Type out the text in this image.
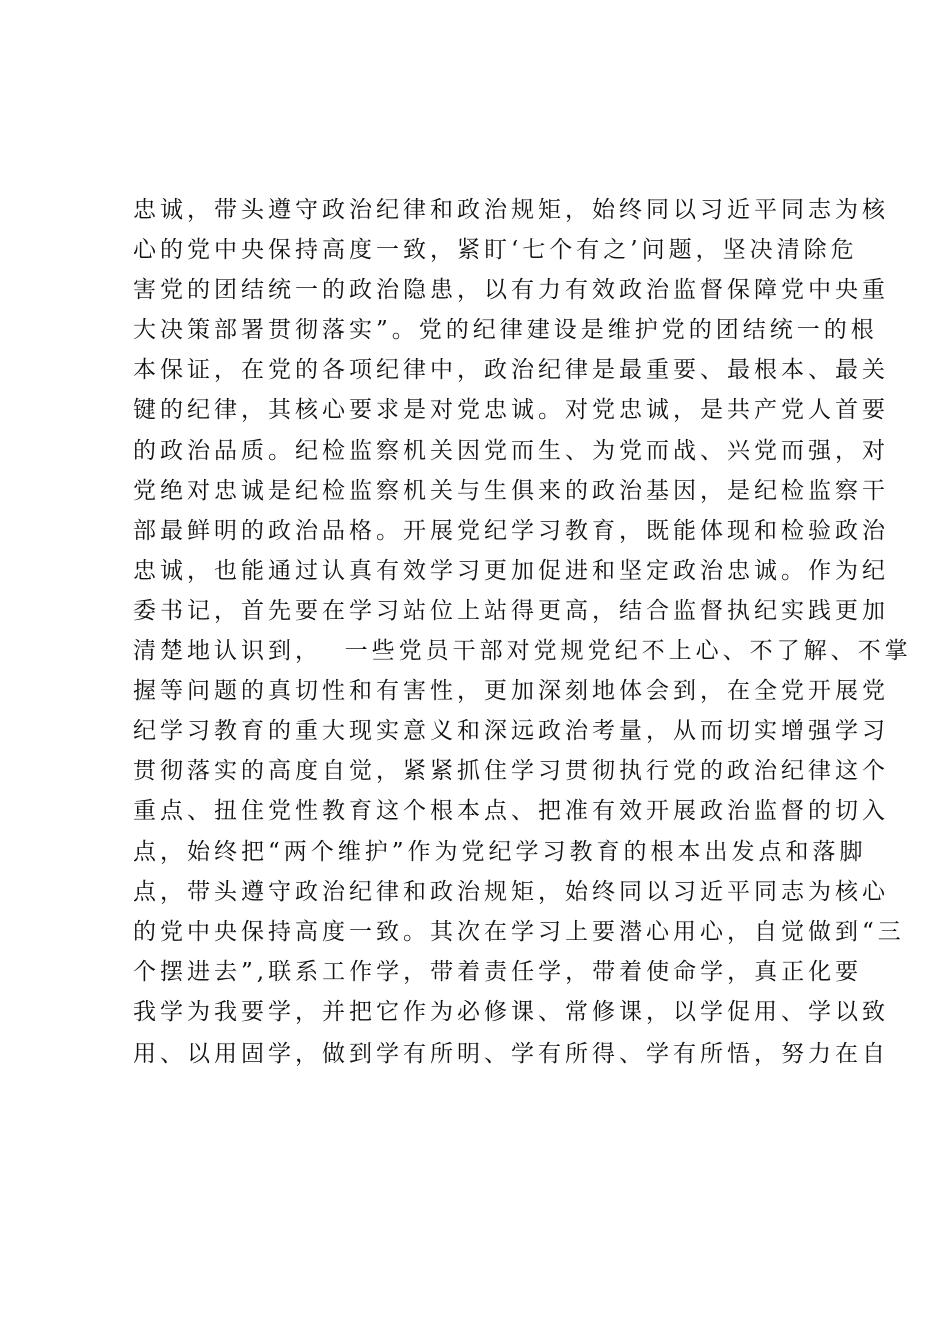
忠诚，带头遵守政治纪律和政治规矩，始终同以习近平同志为核
心的党中央保持高度一致，紧盯‘七个有之’问题，坚决清除危
害党的团结统一的政治隐患，以有力有效政治监督保障党中央重
大决策部署贯彻落实”。党的纪律建设是维护党的团结统一的根
本保证，在党的各项纪律中，政治纪律是最重要、最根本、最关
键的纪律，其核心要求是对党忠诚。对党忠诚，是共产党人首要
的政治品质。纪检监察机关因党而生、为党而战、兴党而强，对
党绝对忠诚是纪检监察机关与生俱来的政治基因，是纪检监察干
部最鲜明的政治品格。开展党纪学习教育，既能体现和检验政治
忠诚，也能通过认真有效学习更加促进和坚定政治忠诚。作为纪
委书记，首先要在学习站位上站得更高，结合监督执纪实践更加
清楚地认识到，  一些党员干部对党规党纪不上心、不了解、不掌
握等问题的真切性和有害性，更加深刻地体会到，在全党开展党
纪学习教育的重大现实意义和深远政治考量，从而切实增强学习
贯彻落实的高度自觉，紧紧抓住学习贯彻执行党的政治纪律这个
重点、扭住党性教育这个根本点、把准有效开展政治监督的切入
点，始终把“两个维护”作为党纪学习教育的根本出发点和落脚
点，带头遵守政治纪律和政治规矩，始终同以习近平同志为核心
的党中央保持高度一致。其次在学习上要潜心用心，自觉做到“三
个摆进去”,联系工作学，带着责任学，带着使命学，真正化要
我学为我要学，并把它作为必修课、常修课，以学促用、学以致
用、以用固学，做到学有所明、学有所得、学有所悟，努力在自
